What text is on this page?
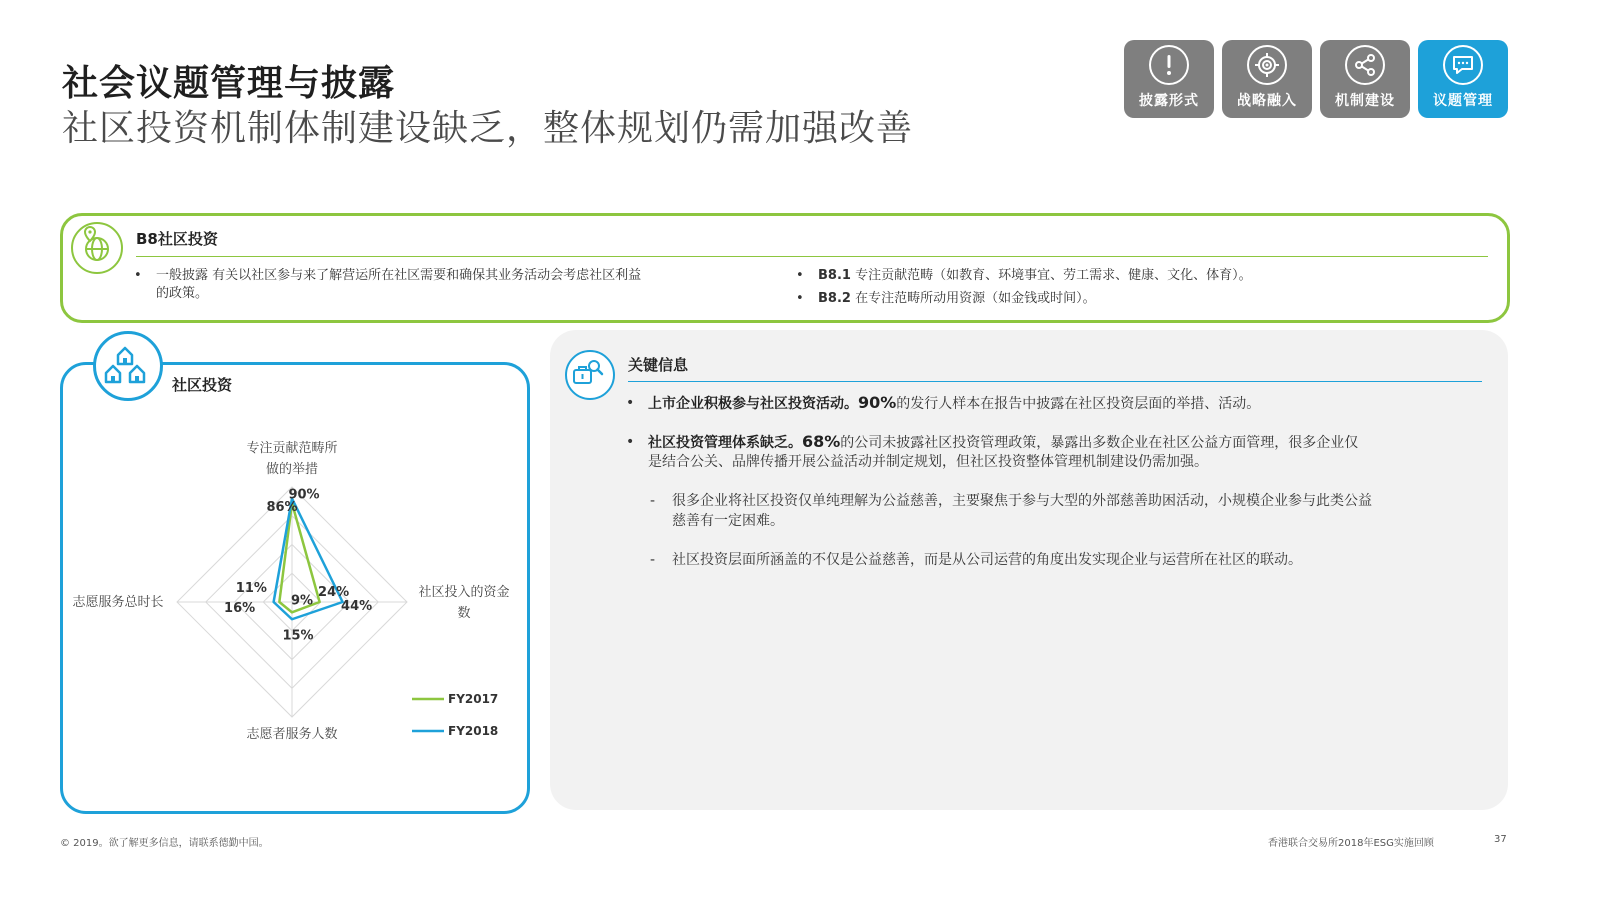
社会议题管理与披露
社区投资机制体制建设缺乏，整体规划仍需加强改善
披露形式	战略融入	机制建设	议题管理
B8社区投资
• 一般披露 有关以社区参与来了解营运所在社区需要和确保其业务活动会考虑社区利益
的政策。
• B8.1 专注贡献范畴（如教育、环境事宜、劳工需求、健康、文化、体育）。
• B8.2 在专注范畴所动用资源（如金钱或时间）。
社区投资
86%
24%
9%
11%
90%
44%
15%
16%
专注贡献范畴所
做的举措
社区投入的资金
数
志愿者服务人数
志愿服务总时长
FY2017
FY2018
关键信息
• 上市企业积极参与社区投资活动。90%的发行人样本在报告中披露在社区投资层面的举措、活动。
• 社区投资管理体系缺乏。68%的公司未披露社区投资管理政策，暴露出多数企业在社区公益方面管理，很多企业仅
是结合公关、品牌传播开展公益活动并制定规划，但社区投资整体管理机制建设仍需加强。
- 很多企业将社区投资仅单纯理解为公益慈善，主要聚焦于参与大型的外部慈善助困活动，小规模企业参与此类公益
慈善有一定困难。
- 社区投资层面所涵盖的不仅是公益慈善，而是从公司运营的角度出发实现企业与运营所在社区的联动。
© 2019。欲了解更多信息，请联系德勤中国。	香港联合交易所2018年ESG实施回顾	37
